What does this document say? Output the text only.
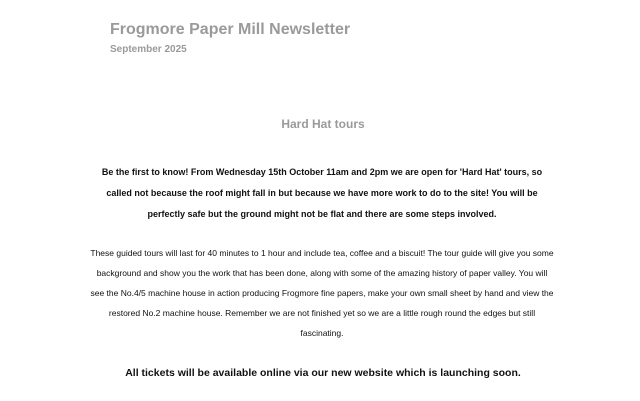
Frogmore Paper Mill Newsletter
September 2025
Hard Hat tours

Be the first to know! From Wednesday 15th October 11am and 2pm we are open for 'Hard Hat' tours, so called not because the roof might fall in but because we have more work to do to the site! You will be perfectly safe but the ground might not be flat and there are some steps involved.

These guided tours will last for 40 minutes to 1 hour and include tea, coffee and a biscuit! The tour guide will give you some background and show you the work that has been done, along with some of the amazing history of paper valley. You will see the No.4/5 machine house in action producing Frogmore fine papers, make your own small sheet by hand and view the restored No.2 machine house. Remember we are not finished yet so we are a little rough round the edges but still fascinating.

All tickets will be available online via our new website which is launching soon.
